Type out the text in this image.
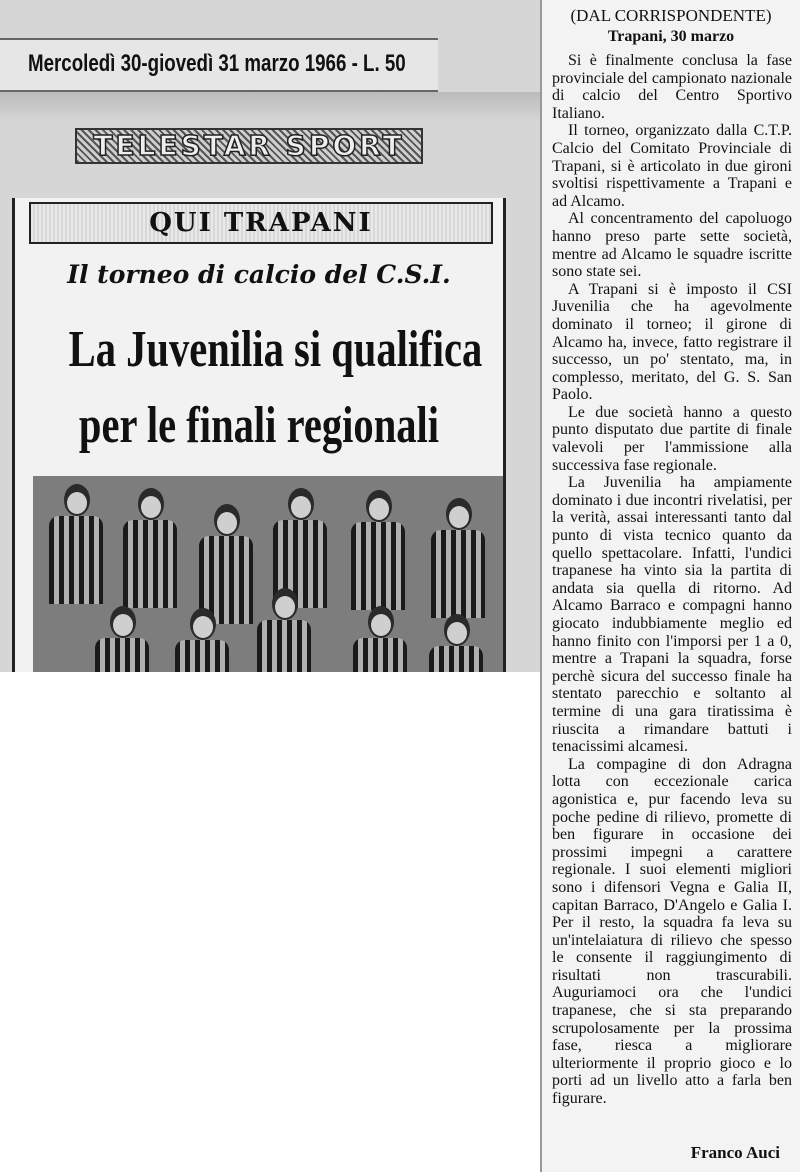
Mercoledì 30-giovedì 31 marzo 1966 - L. 50
TELESTAR SPORT
QUI TRAPANI
Il torneo di calcio del C.S.I.
La Juvenilia si qualifica
per le finali regionali
(DAL CORRISPONDENTE)
Trapani, 30 marzo

Si è finalmente conclusa la fase provinciale del campionato nazionale di calcio del Centro Sportivo Italiano.

Il torneo, organizzato dalla C.T.P. Calcio del Comitato Provinciale di Trapani, si è articolato in due gironi svoltisi rispettivamente a Trapani e ad Alcamo.

Al concentramento del capoluogo hanno preso parte sette società, mentre ad Alcamo le squadre iscritte sono state sei.

A Trapani si è imposto il CSI Juvenilia che ha agevolmente dominato il torneo; il girone di Alcamo ha, invece, fatto registrare il successo, un po' stentato, ma, in complesso, meritato, del G. S. San Paolo.

Le due società hanno a questo punto disputato due partite di finale valevoli per l'ammissione alla successiva fase regionale.

La Juvenilia ha ampiamente dominato i due incontri rivelatisi, per la verità, assai interessanti tanto dal punto di vista tecnico quanto da quello spettacolare. Infatti, l'undici trapanese ha vinto sia la partita di andata sia quella di ritorno. Ad Alcamo Barraco e compagni hanno giocato indubbiamente meglio ed hanno finito con l'imporsi per 1 a 0, mentre a Trapani la squadra, forse perchè sicura del successo finale ha stentato parecchio e soltanto al termine di una gara tiratissima è riuscita a rimandare battuti i tenacissimi alcamesi.

La compagine di don Adragna lotta con eccezionale carica agonistica e, pur facendo leva su poche pedine di rilievo, promette di ben figurare in occasione dei prossimi impegni a carattere regionale. I suoi elementi migliori sono i difensori Vegna e Galia II, capitan Barraco, D'Angelo e Galia I. Per il resto, la squadra fa leva su un'intelaiatura di rilievo che spesso le consente il raggiungimento di risultati non trascurabili. Auguriamoci ora che l'undici trapanese, che si sta preparando scrupolosamente per la prossima fase, riesca a migliorare ulteriormente il proprio gioco e lo porti ad un livello atto a farla ben figurare.

Franco Auci
